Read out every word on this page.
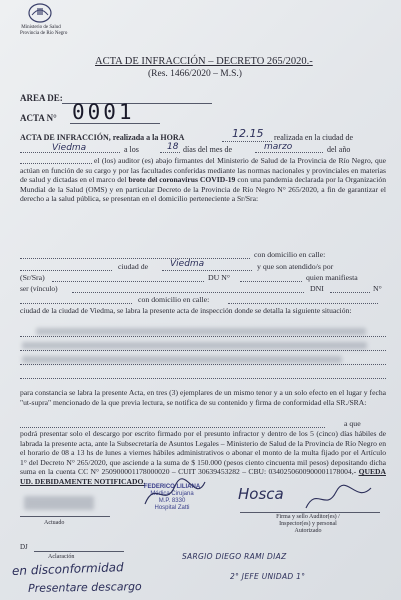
Ministerio de Salud
Provincia de Río Negro
ACTA DE INFRACCIÓN – DECRETO 265/2020.-
(Res. 1466/2020 – M.S.)
AREA DE:
ACTA N° 0001
ACTA DE INFRACCIÓN, realizada a la HORA	12.15 realizada en la ciudad de
Viedma	a los	18 días del mes de	marzo	del año
el (los) auditor (es) abajo firmantes del Ministerio de Salud de la Provincia de Río Negro, que actúan en función de su cargo y por las facultades conferidas mediante las normas nacionales y provinciales en materias de salud y dictadas en el marco del brote del coronavirus COVID-19 con una pandemia declarada por la Organización Mundial de la Salud (OMS) y en particular Decreto de la Provincia de Río Negro N° 265/2020, a fin de garantizar el derecho a la salud pública, se presentan en el domicilio perteneciente a Sr/Sra:
con domicilio en calle:
ciudad de Viedma	y que son atendido/s por
(Sr/Sra)	DU N°	quien manifiesta
ser (vínculo)	DNI	N°
con domicilio en calle:
ciudad de la ciudad de Viedma, se labra la presente acta de inspección donde se detalla la siguiente situación:
para constancia se labra la presente Acta, en tres (3) ejemplares de un mismo tenor y a un solo efecto en el lugar y fecha "ut-supra" mencionado de la que previa lectura, se notifica de su contenido y firma de conformidad ella SR./SRA:
a que
podrá presentar solo el descargo por escrito firmado por el presunto infractor y dentro de los 5 (cinco) días hábiles de labrada la presente acta, ante la Subsecretaría de Asuntos Legales – Ministerio de Salud de la Provincia de Río Negro en el horario de 08 a 13 hs de lunes a viernes hábiles administrativos o abonar el monto de la multa fijado por el Artículo 1° del Decreto N° 265/2020, que asciende a la suma de $ 150.000 (pesos ciento cincuenta mil pesos) depositando dicha suma en la cuenta CC N° 250900001178000020 – CUIT 30639453282 – CBU: 0340250600900001178004,- QUEDA UD. DEBIDAMENTE NOTIFICADO.
Actuado
FEDERICO LILIANA
Médica Cirujana
M.P. 8330
Hospital Zatti
Hosca
Firma y sello Auditor(es) /
Inspector(es) y personal
Autorizado
DJ
Aclaración	SARGIO DIEGO RAMI DIAZ
2° JEFE UNIDAD 1°
en disconformidad
Presentare descargo
